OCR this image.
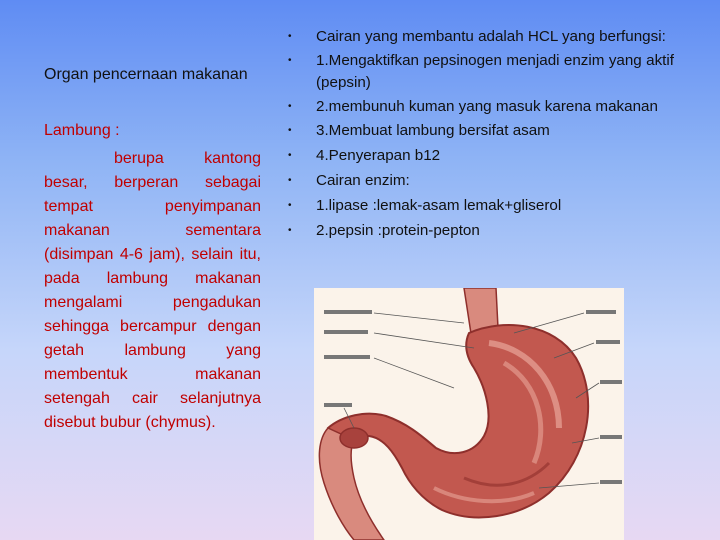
Organ pencernaan makanan
Lambung :
berupa kantong besar, berperan sebagai tempat penyimpanan makanan sementara (disimpan 4-6 jam), selain itu, pada lambung makanan mengalami pengadukan sehingga bercampur dengan getah lambung yang membentuk makanan setengah cair selanjutnya disebut bubur (chymus).
•	Cairan yang membantu adalah HCL yang berfungsi:
•	1.Mengaktifkan pepsinogen menjadi enzim yang aktif (pepsin)
•	2.membunuh kuman yang masuk karena makanan
•	3.Membuat lambung bersifat asam
•	4.Penyerapan b12
•	Cairan enzim:
•	1.lipase :lemak-asam lemak+gliserol
•	2.pepsin :protein-pepton
